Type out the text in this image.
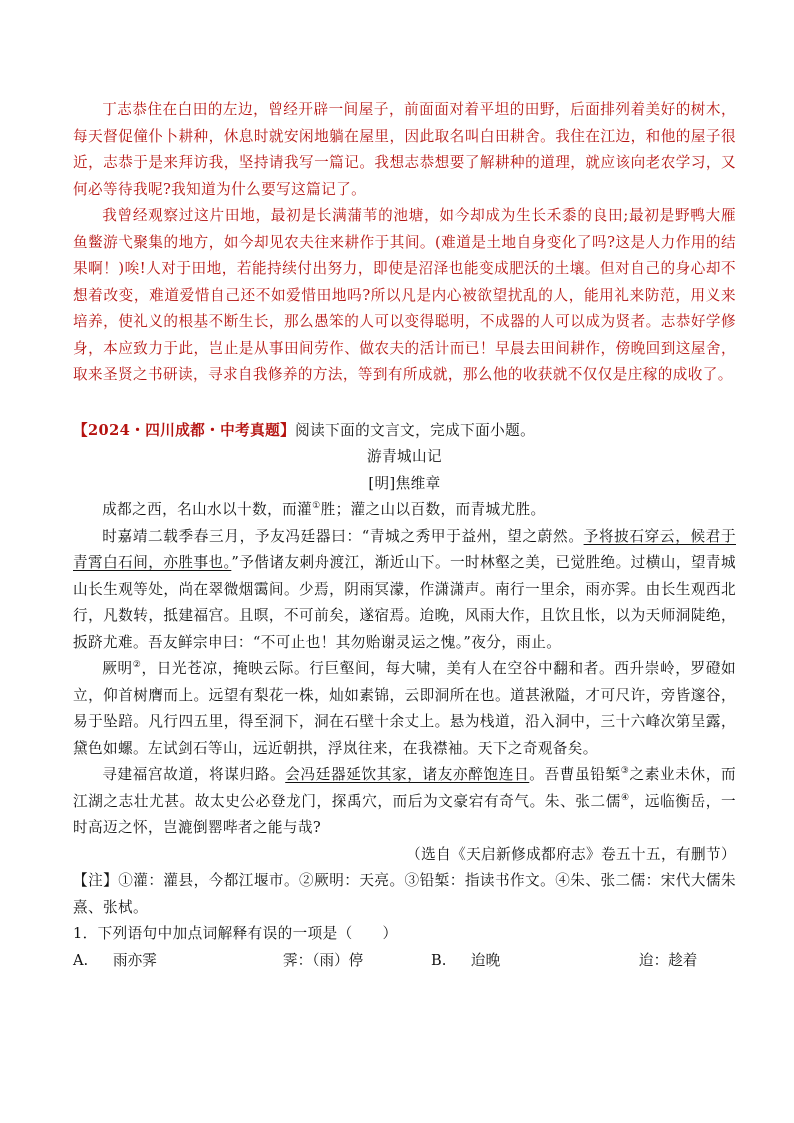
丁志恭住在白田的左边，曾经开辟一间屋子，前面面对着平坦的田野，后面排列着美好的树木，每天督促僮仆卜耕种，休息时就安闲地躺在屋里，因此取名叫白田耕舍。我住在江边，和他的屋子很近，志恭于是来拜访我，坚持请我写一篇记。我想志恭想要了解耕种的道理，就应该向老农学习，又何必等待我呢?我知道为什么要写这篇记了。

我曾经观察过这片田地，最初是长满蒲苇的池塘，如今却成为生长禾黍的良田;最初是野鸭大雁鱼鳖游弋聚集的地方，如今却见农夫往来耕作于其间。(难道是土地自身变化了吗?这是人力作用的结果啊！)唉!人对于田地，若能持续付出努力，即使是沼泽也能变成肥沃的土壤。但对自己的身心却不想着改变，难道爱惜自己还不如爱惜田地吗?所以凡是内心被欲望扰乱的人，能用礼来防范，用义来培养，使礼义的根基不断生长，那么愚笨的人可以变得聪明，不成器的人可以成为贤者。志恭好学修身，本应致力于此，岂止是从事田间劳作、做农夫的活计而已！早晨去田间耕作，傍晚回到这屋舍，取来圣贤之书研读，寻求自我修养的方法，等到有所成就，那么他的收获就不仅仅是庄稼的成收了。

【2024・四川成都・中考真题】阅读下面的文言文，完成下面小题。

游青城山记

[明]焦维章

成都之西，名山水以十数，而灌①胜；灌之山以百数，而青城尤胜。

时嘉靖二载季春三月，予友冯廷器曰：“青城之秀甲于益州，望之蔚然。予将披石穿云，候君于青霄白石间，亦胜事也。”予偕诸友刺舟渡江，渐近山下。一时林壑之美，已觉胜绝。过横山，望青城山长生观等处，尚在翠微烟霭间。少焉，阴雨冥濛，作潇潇声。南行一里余，雨亦霁。由长生观西北行，凡数转，抵建福宫。且暝，不可前矣，遂宿焉。迨晚，风雨大作，且饮且怅，以为天师洞陡绝，扳跻尤难。吾友鲜宗申曰：“不可止也！其勿贻谢灵运之愧。”夜分，雨止。

厥明②，日光苍凉，掩映云际。行巨壑间，每大啸，美有人在空谷中翻和者。西升崇岭，罗磴如立，仰首树膺而上。远望有梨花一株，灿如素锦，云即洞所在也。道甚湫隘，才可尺许，旁皆邃谷，易于坠踣。凡行四五里，得至洞下，洞在石壁十余丈上。悬为栈道，沿入洞中，三十六峰次第呈露，黛色如螺。左试剑石等山，远近朝拱，浮岚往来，在我襟袖。天下之奇观备矣。

寻建福宫故道，将谋归路。会冯廷器延饮其家，诸友亦醉饱连日。吾曹虽铅椠③之素业未休，而江湖之志壮尤甚。故太史公必登龙门，探禹穴，而后为文豪宕有奇气。朱、张二儒④，远临衡岳，一时高迈之怀，岂漉倒罂哔者之能与哉?

（选自《天启新修成都府志》卷五十五，有删节）

【注】①灌：灌县，今都江堰市。②厥明：天亮。③铅椠：指读书作文。④朱、张二儒：宋代大儒朱熹、张栻。

1．下列语句中加点词解释有误的一项是（　　）

A.	雨亦霁	霁：（雨）停	B.	迨晚	迨：趁着
